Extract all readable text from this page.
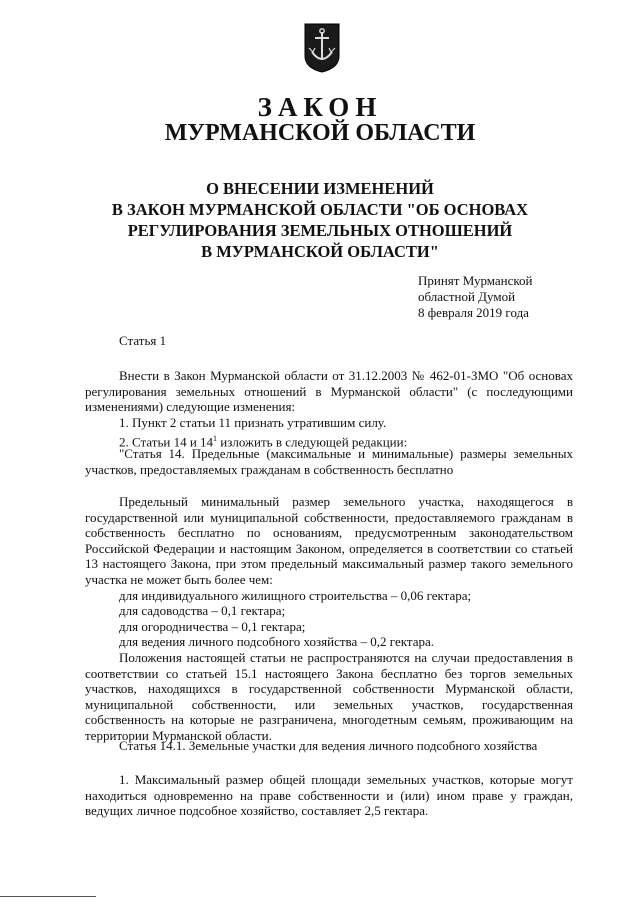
ЗАКОН
МУРМАНСКОЙ ОБЛАСТИ
О ВНЕСЕНИИ ИЗМЕНЕНИЙ
В ЗАКОН МУРМАНСКОЙ ОБЛАСТИ "ОБ ОСНОВАХ
РЕГУЛИРОВАНИЯ ЗЕМЕЛЬНЫХ ОТНОШЕНИЙ
В МУРМАНСКОЙ ОБЛАСТИ"
Принят Мурманской
областной Думой
8 февраля 2019 года
Статья 1
Внести в Закон Мурманской области от 31.12.2003 № 462-01-ЗМО "Об основах
регулирования земельных отношений в Мурманской области" (с последующими
изменениями) следующие изменения:
1. Пункт 2 статьи 11 признать утратившим силу.
2. Статьи 14 и $14^1$ изложить в следующей редакции:
"Статья 14. Предельные (максимальные и минимальные) размеры земельных
участков, предоставляемых гражданам в собственность бесплатно
Предельный минимальный размер земельного участка, находящегося в
государственной или муниципальной собственности, предоставляемого гражданам в
собственность бесплатно по основаниям, предусмотренным законодательством
Российской Федерации и настоящим Законом, определяется в соответствии со статьей
13 настоящего Закона, при этом предельный максимальный размер такого земельного
участка не может быть более чем:
для индивидуального жилищного строительства – 0,06 гектара;
для садоводства – 0,1 гектара;
для огородничества – 0,1 гектара;
для ведения личного подсобного хозяйства – 0,2 гектара.
Положения настоящей статьи не распространяются на случаи предоставления в
соответствии со статьей 15.1 настоящего Закона бесплатно без торгов земельных
участков, находящихся в государственной собственности Мурманской области,
муниципальной собственности, или земельных участков, государственная
собственность на которые не разграничена, многодетным семьям, проживающим на
территории Мурманской области.
Статья 14.1. Земельные участки для ведения личного подсобного хозяйства
1. Максимальный размер общей площади земельных участков, которые могут
находиться одновременно на праве собственности и (или) ином праве у граждан,
ведущих личное подсобное хозяйство, составляет 2,5 гектара.
